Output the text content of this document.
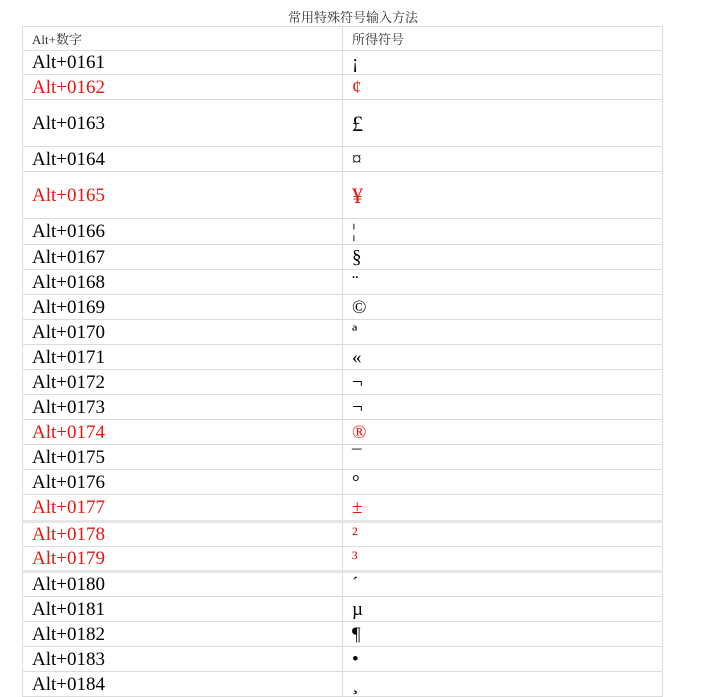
常用特殊符号输入方法
Alt+数字	所得符号
Alt+0161	¡
Alt+0162	¢
Alt+0163	£
Alt+0164	¤
Alt+0165	¥
Alt+0166	¦
Alt+0167	§
Alt+0168	¨
Alt+0169	©
Alt+0170	ª
Alt+0171	«
Alt+0172	¬
Alt+0173	¬
Alt+0174	®
Alt+0175	¯
Alt+0176	°
Alt+0177	±
Alt+0178	²
Alt+0179	³
Alt+0180	´
Alt+0181	µ
Alt+0182	¶
Alt+0183	•
Alt+0184	¸
